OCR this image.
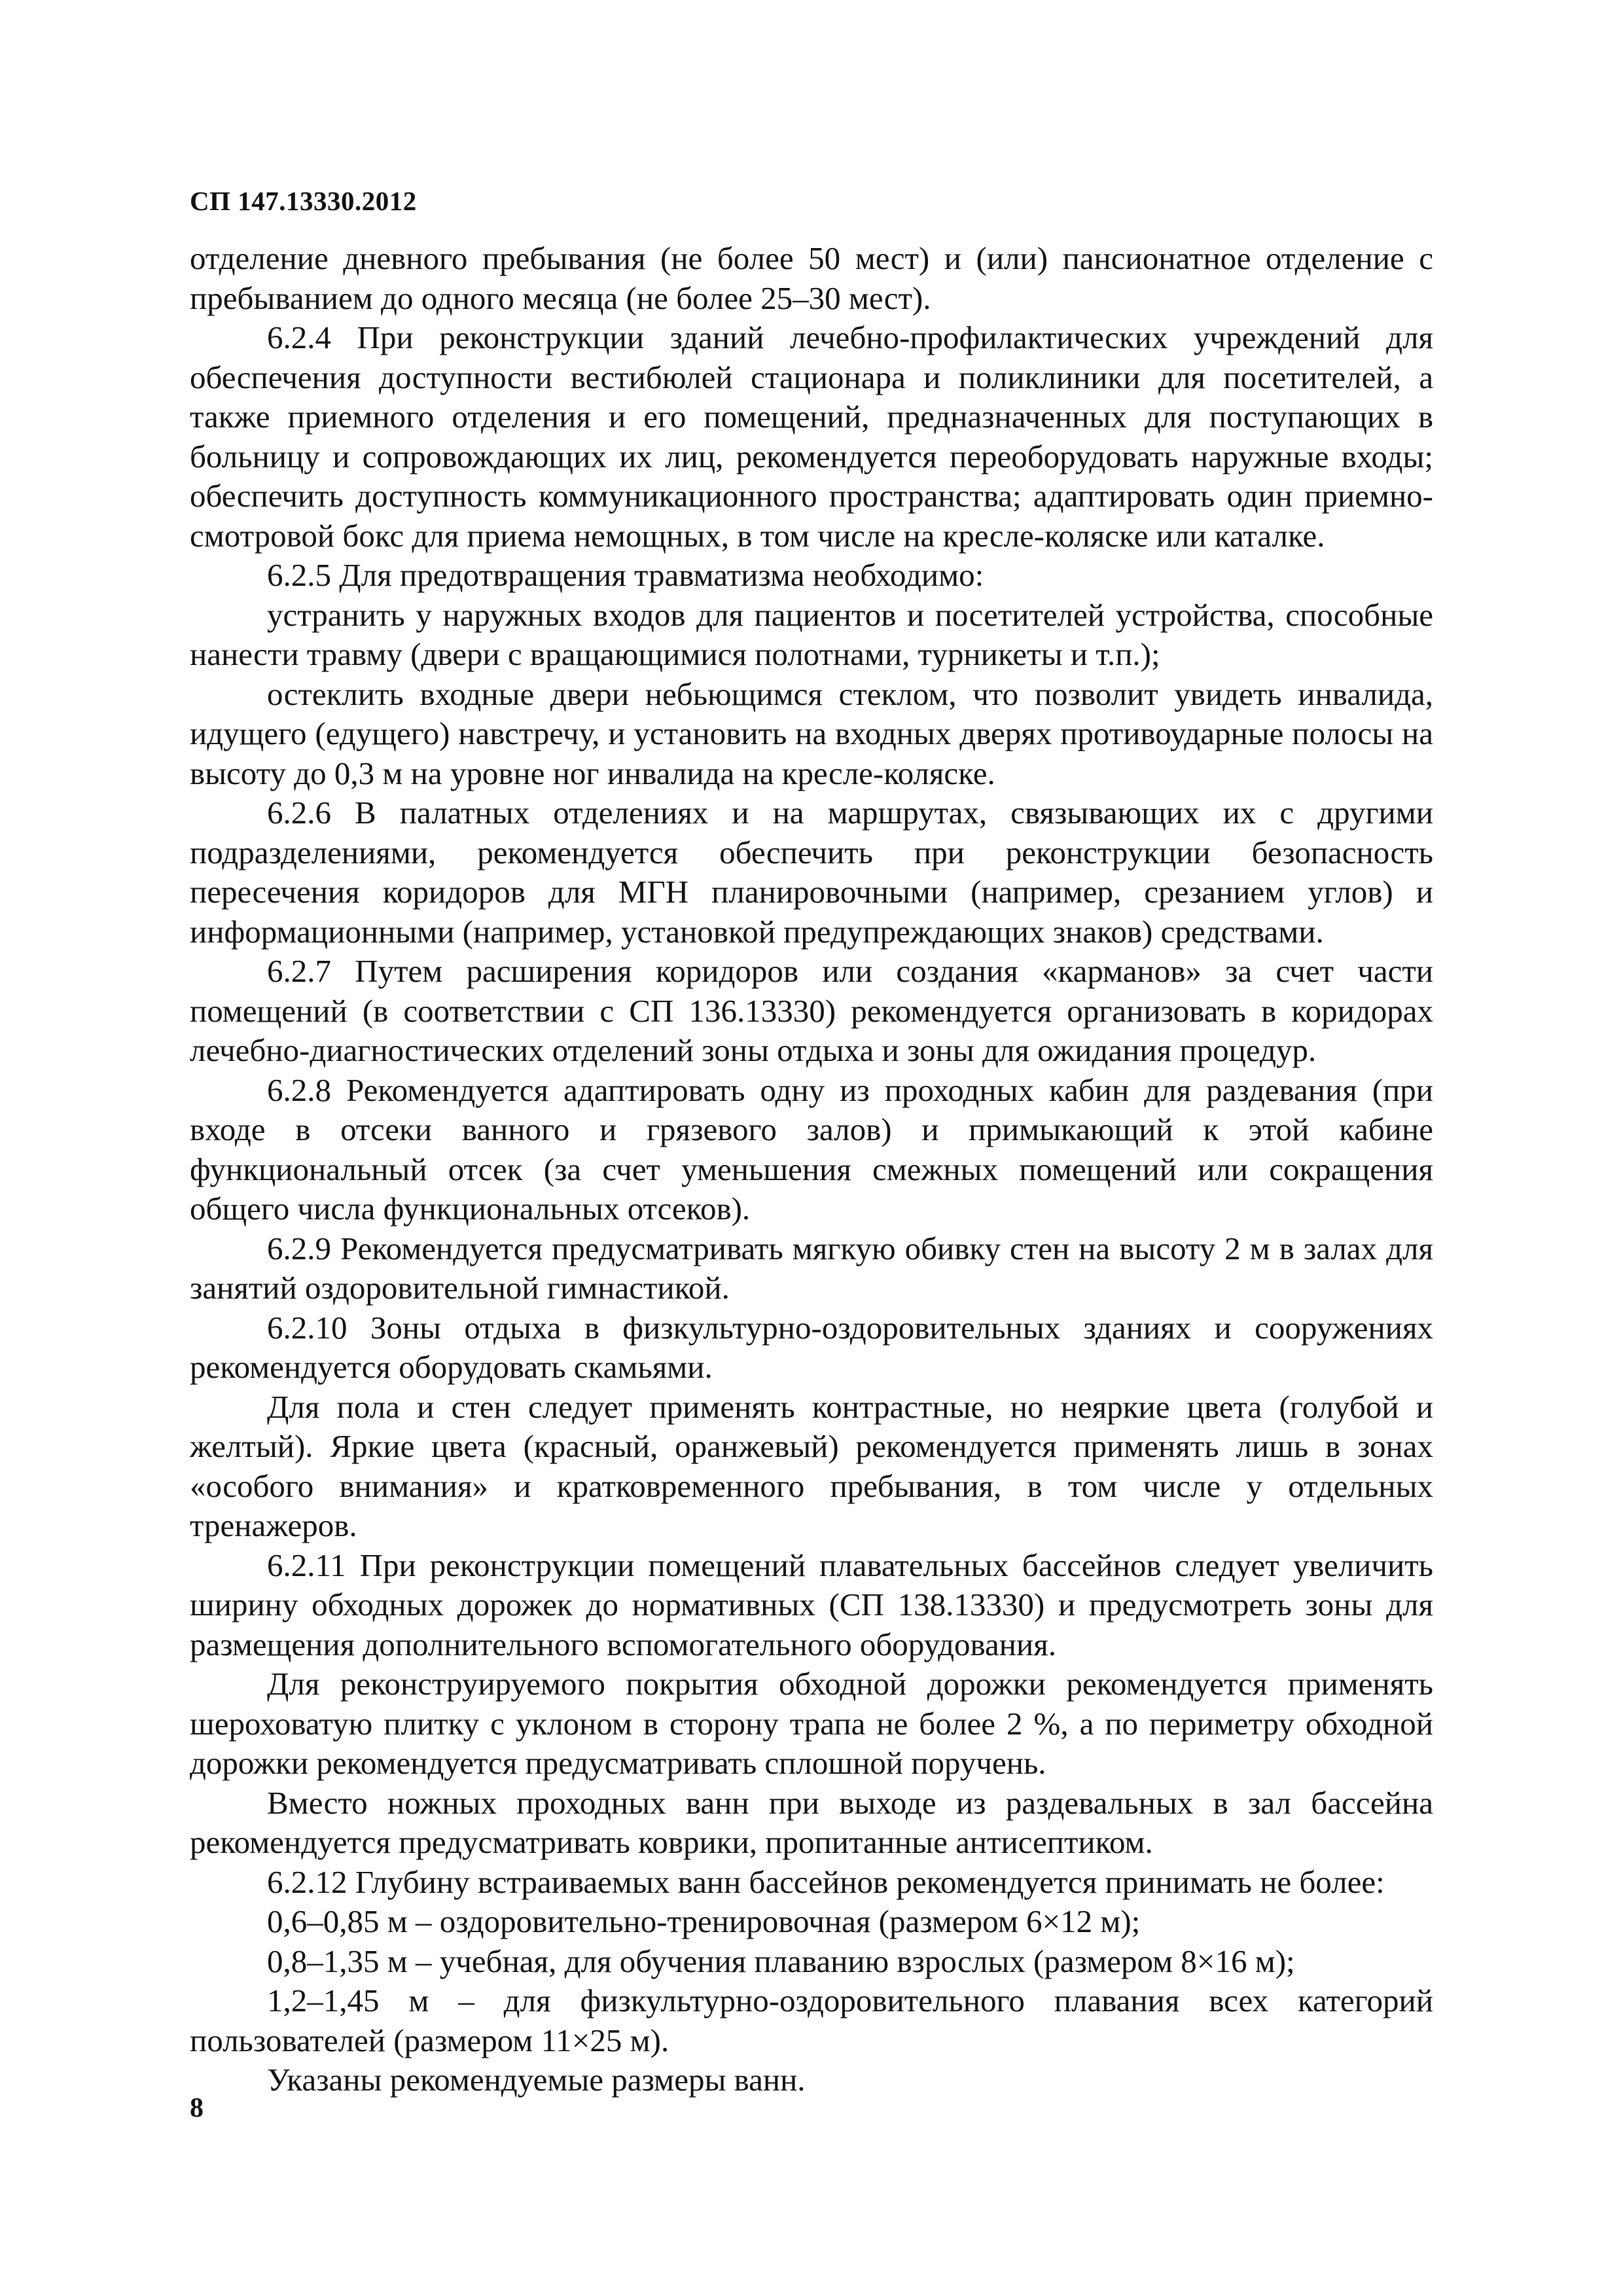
СП 147.13330.2012

отделение дневного пребывания (не более 50 мест) и (или) пансионатное отделение с пребыванием до одного месяца (не более 25–30 мест).

6.2.4 При реконструкции зданий лечебно-профилактических учреждений для обеспечения доступности вестибюлей стационара и поликлиники для посетителей, а также приемного отделения и его помещений, предназначенных для поступающих в больницу и сопровождающих их лиц, рекомендуется переоборудовать наружные входы; обеспечить доступность коммуникационного пространства; адаптировать один приемно-смотровой бокс для приема немощных, в том числе на кресле-коляске или каталке.

6.2.5 Для предотвращения травматизма необходимо:

устранить у наружных входов для пациентов и посетителей устройства, способные нанести травму (двери с вращающимися полотнами, турникеты и т.п.);

остеклить входные двери небьющимся стеклом, что позволит увидеть инвалида, идущего (едущего) навстречу, и установить на входных дверях противоударные полосы на высоту до 0,3 м на уровне ног инвалида на кресле-коляске.

6.2.6 В палатных отделениях и на маршрутах, связывающих их с другими подразделениями, рекомендуется обеспечить при реконструкции безопасность пересечения коридоров для МГН планировочными (например, срезанием углов) и информационными (например, установкой предупреждающих знаков) средствами.

6.2.7 Путем расширения коридоров или создания «карманов» за счет части помещений (в соответствии с СП 136.13330) рекомендуется организовать в коридорах лечебно-диагностических отделений зоны отдыха и зоны для ожидания процедур.

6.2.8 Рекомендуется адаптировать одну из проходных кабин для раздевания (при входе в отсеки ванного и грязевого залов) и примыкающий к этой кабине функциональный отсек (за счет уменьшения смежных помещений или сокращения общего числа функциональных отсеков).

6.2.9 Рекомендуется предусматривать мягкую обивку стен на высоту 2 м в залах для занятий оздоровительной гимнастикой.

6.2.10 Зоны отдыха в физкультурно-оздоровительных зданиях и сооружениях рекомендуется оборудовать скамьями.

Для пола и стен следует применять контрастные, но неяркие цвета (голубой и желтый). Яркие цвета (красный, оранжевый) рекомендуется применять лишь в зонах «особого внимания» и кратковременного пребывания, в том числе у отдельных тренажеров.

6.2.11 При реконструкции помещений плавательных бассейнов следует увеличить ширину обходных дорожек до нормативных (СП 138.13330) и предусмотреть зоны для размещения дополнительного вспомогательного оборудования.

Для реконструируемого покрытия обходной дорожки рекомендуется применять шероховатую плитку с уклоном в сторону трапа не более 2 %, а по периметру обходной дорожки рекомендуется предусматривать сплошной поручень.

Вместо ножных проходных ванн при выходе из раздевальных в зал бассейна рекомендуется предусматривать коврики, пропитанные антисептиком.

6.2.12 Глубину встраиваемых ванн бассейнов рекомендуется принимать не более:

0,6–0,85 м – оздоровительно-тренировочная (размером 6×12 м);

0,8–1,35 м – учебная, для обучения плаванию взрослых (размером 8×16 м);

1,2–1,45 м – для физкультурно-оздоровительного плавания всех категорий пользователей (размером 11×25 м).

Указаны рекомендуемые размеры ванн.

8
